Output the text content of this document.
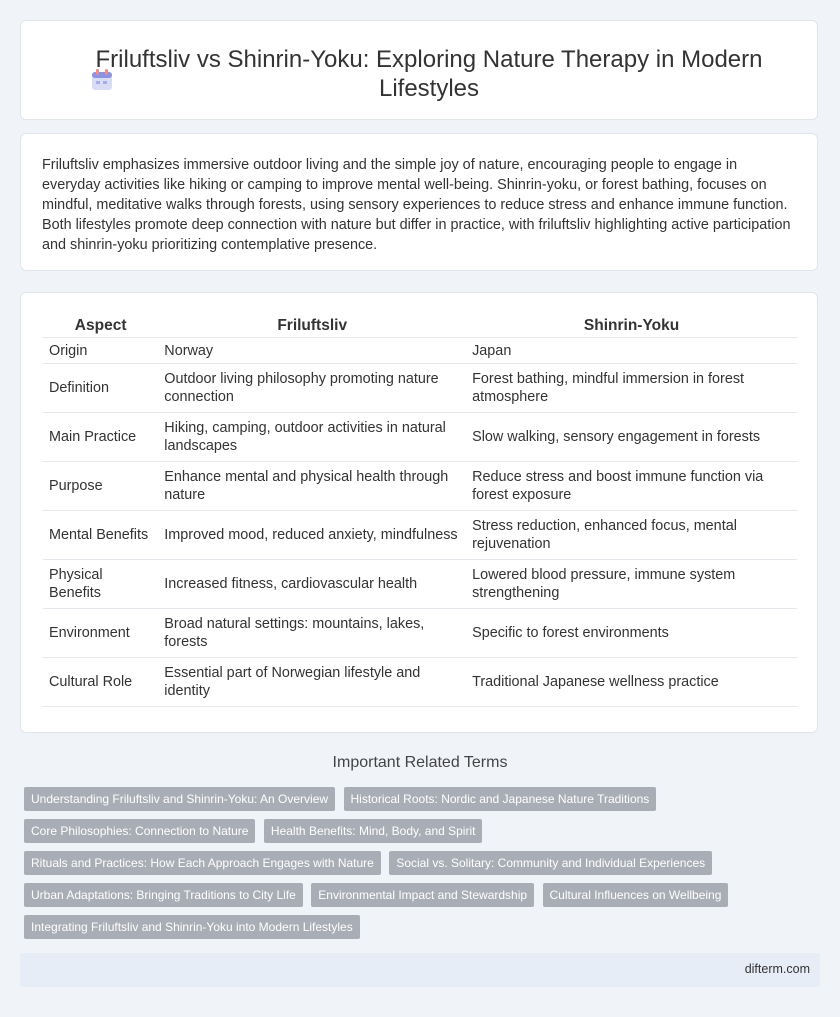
Friluftsliv vs Shinrin-Yoku: Exploring Nature Therapy in Modern Lifestyles

Friluftsliv emphasizes immersive outdoor living and the simple joy of nature, encouraging people to engage in everyday activities like hiking or camping to improve mental well-being. Shinrin-yoku, or forest bathing, focuses on mindful, meditative walks through forests, using sensory experiences to reduce stress and enhance immune function. Both lifestyles promote deep connection with nature but differ in practice, with friluftsliv highlighting active participation and shinrin-yoku prioritizing contemplative presence.

Aspect	Friluftsliv	Shinrin-Yoku
Origin	Norway	Japan
Definition	Outdoor living philosophy promoting nature connection	Forest bathing, mindful immersion in forest atmosphere
Main Practice	Hiking, camping, outdoor activities in natural landscapes	Slow walking, sensory engagement in forests
Purpose	Enhance mental and physical health through nature	Reduce stress and boost immune function via forest exposure
Mental Benefits	Improved mood, reduced anxiety, mindfulness	Stress reduction, enhanced focus, mental rejuvenation
Physical Benefits	Increased fitness, cardiovascular health	Lowered blood pressure, immune system strengthening
Environment	Broad natural settings: mountains, lakes, forests	Specific to forest environments
Cultural Role	Essential part of Norwegian lifestyle and identity	Traditional Japanese wellness practice
Important Related Terms
Understanding Friluftsliv and Shinrin-Yoku: An Overview Historical Roots: Nordic and Japanese Nature Traditions
Core Philosophies: Connection to Nature Health Benefits: Mind, Body, and Spirit
Rituals and Practices: How Each Approach Engages with Nature Social vs. Solitary: Community and Individual Experiences
Urban Adaptations: Bringing Traditions to City Life Environmental Impact and Stewardship Cultural Influences on Wellbeing
Integrating Friluftsliv and Shinrin-Yoku into Modern Lifestyles
difterm.com
